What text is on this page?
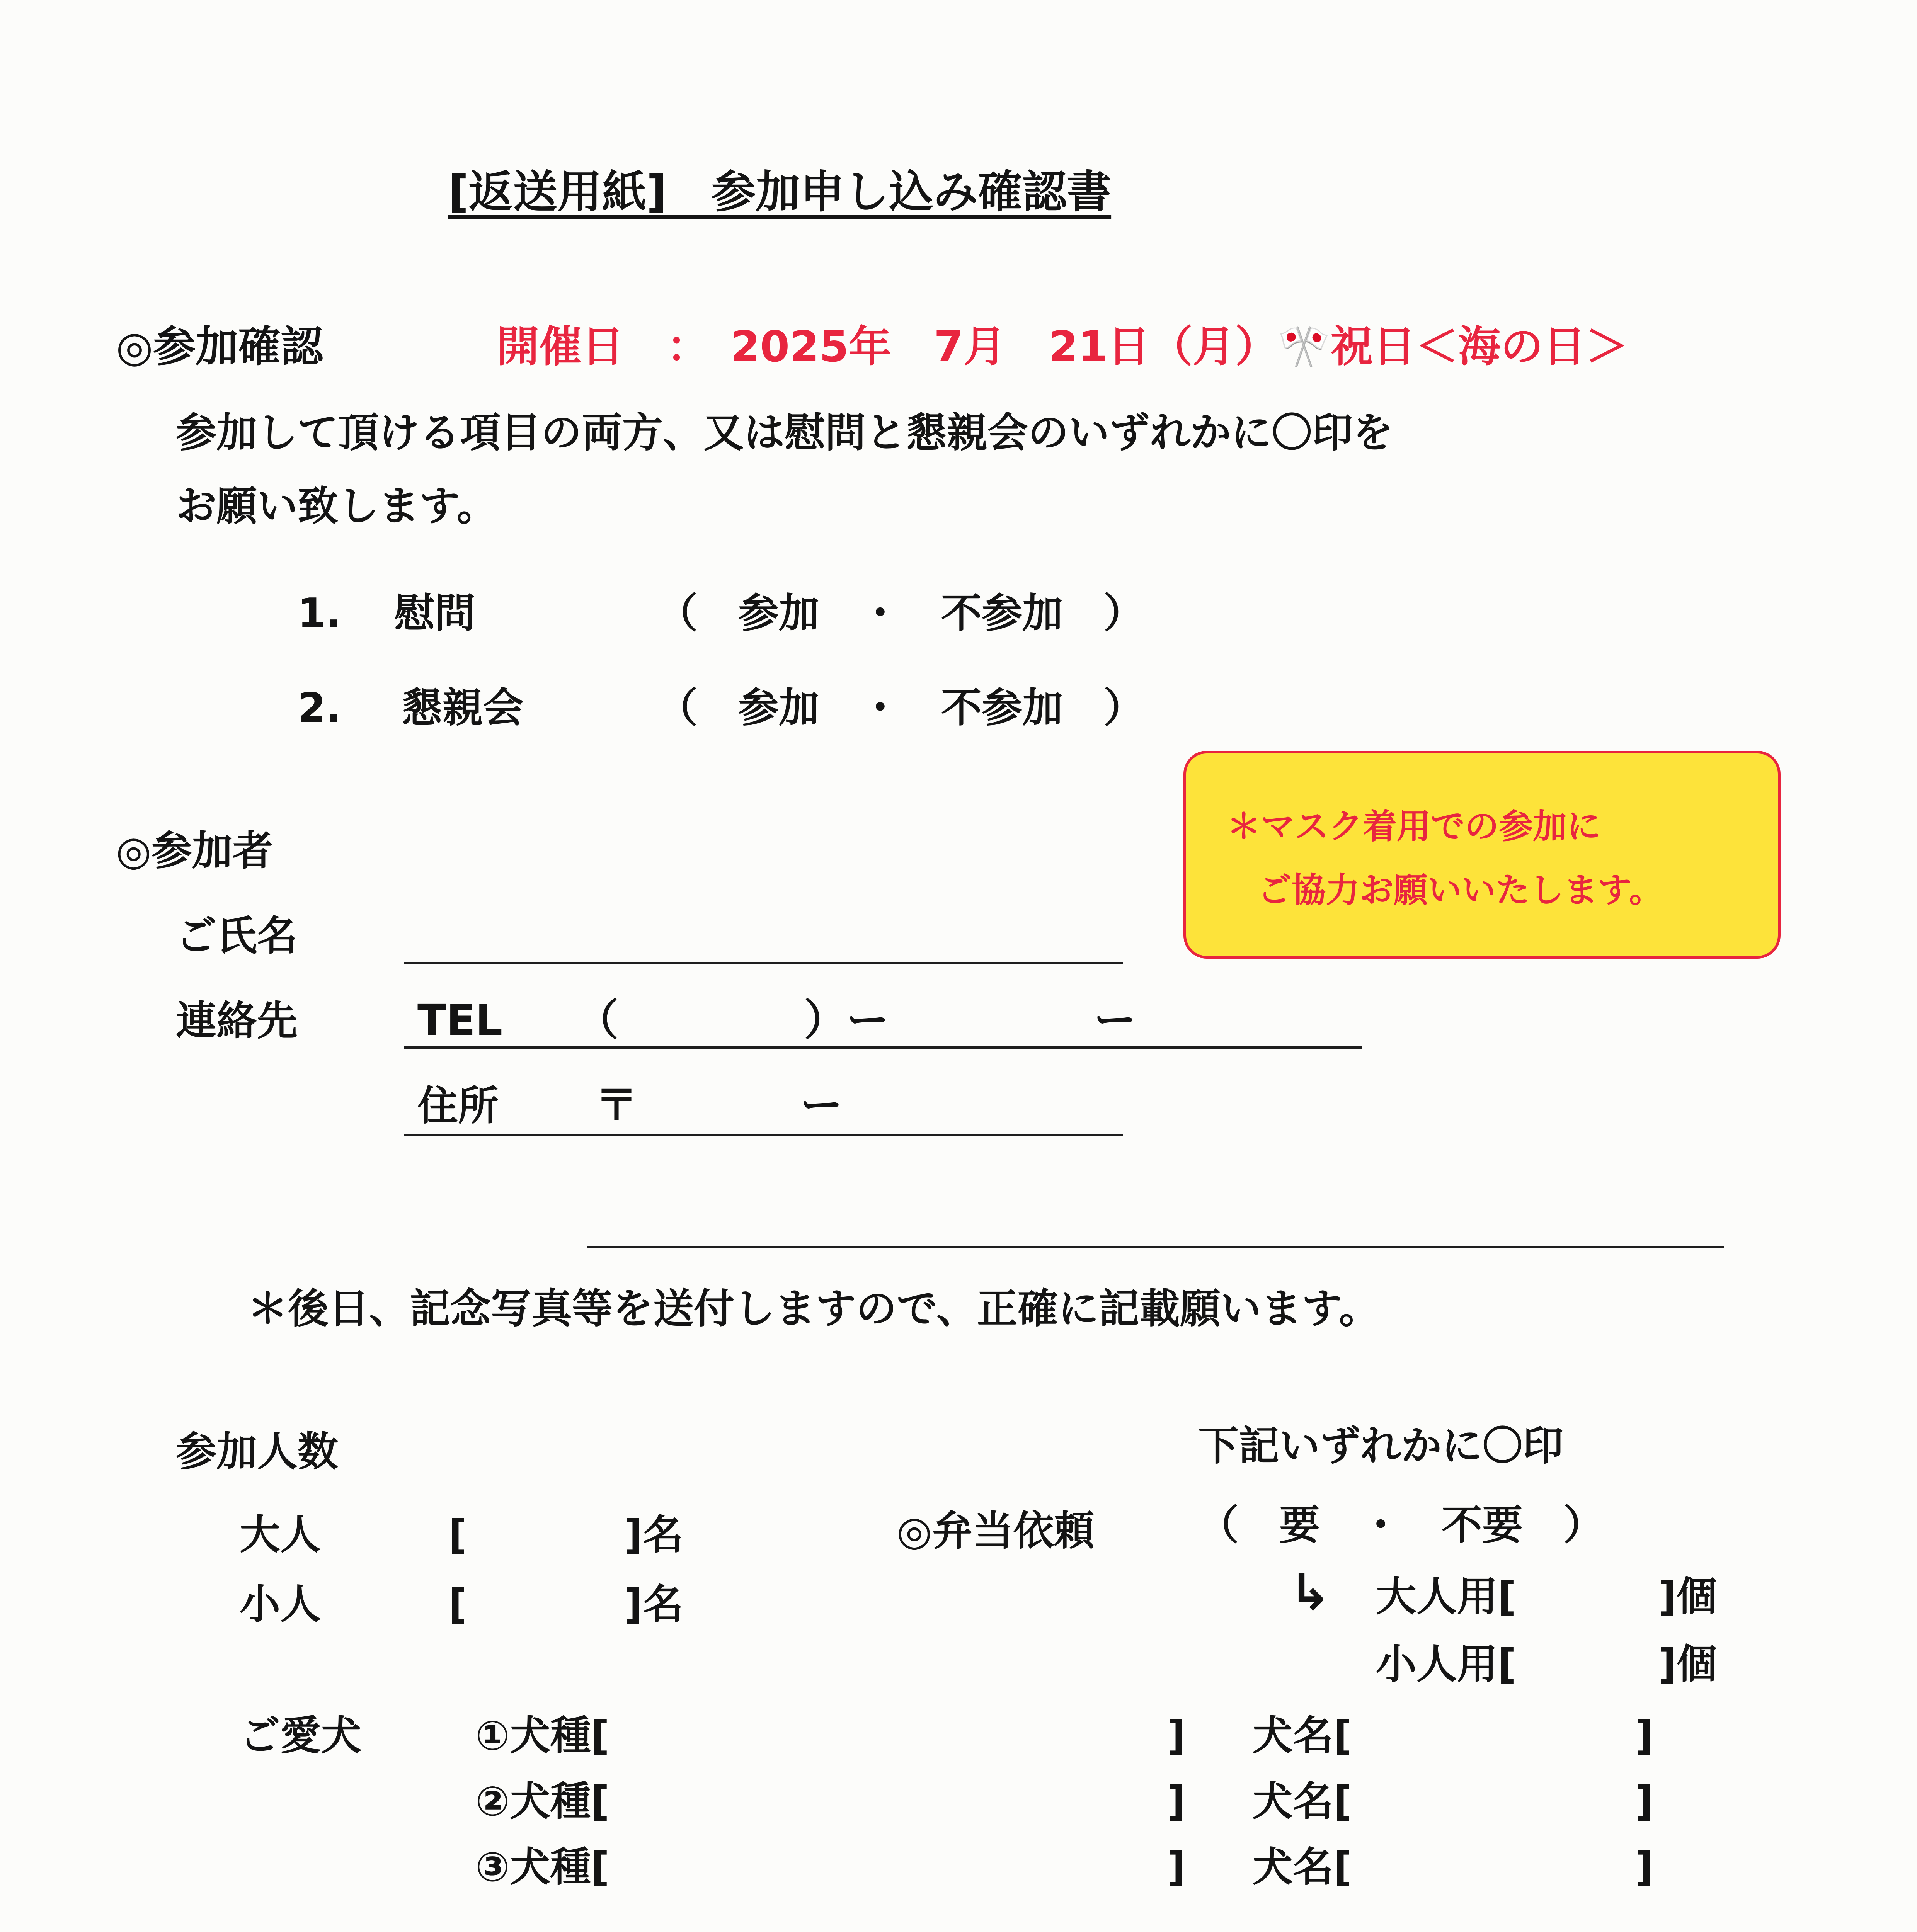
[返送用紙]　参加申し込み確認書
◎参加確認	開催日　：　2025年　7月　21日（月）🎌祝日＜海の日＞
参加して頂ける項目の両方、又は慰問と懇親会のいずれかに〇印を
お願い致します。
1. 慰問	（　参加　・　不参加　）
2. 懇親会	（　参加　・　不参加　）
＊マスク着用での参加に
ご協力お願いいたします。
◎参加者
ご氏名
連絡先	TEL （	）ー	ー
住所 〒	ー
＊後日、記念写真等を送付しますので、正確に記載願います。
参加人数	下記いずれかに〇印
大人	[	]名	◎弁当依頼	（　要　・　不要　）
小人	[	]名	↳ 大人用[	]個
小人用[	]個
ご愛犬	①犬種[	] 犬名[	]
②犬種[	] 犬名[	]
③犬種[	] 犬名[	]
